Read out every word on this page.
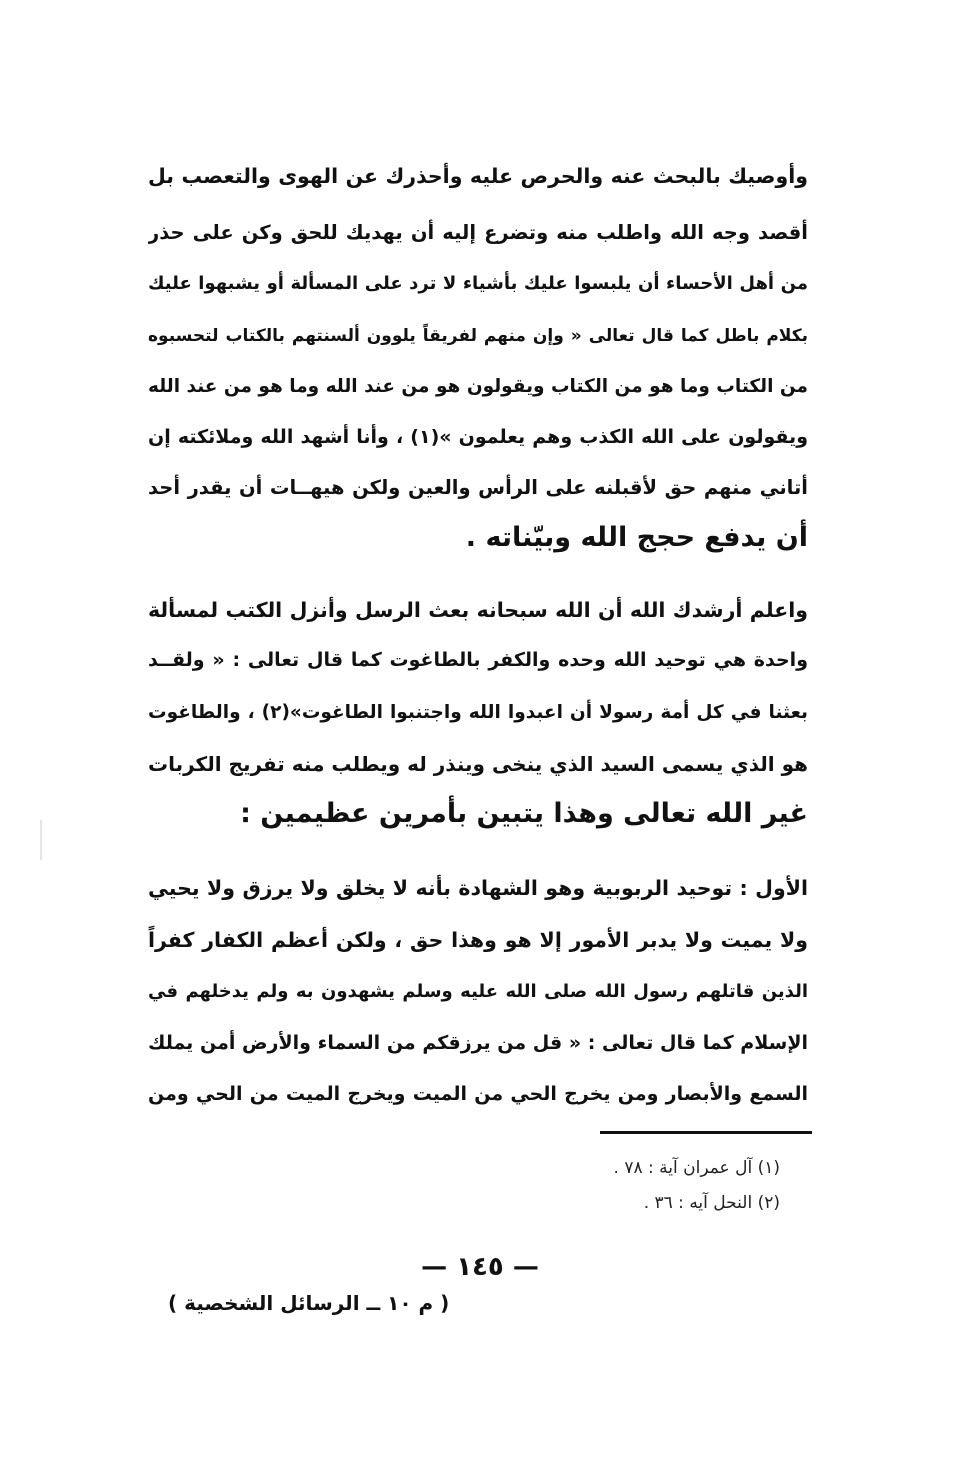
وأوصيك بالبحث عنه والحرص عليه وأحذرك عن الهوى والتعصب بل
أقصد وجه الله واطلب منه وتضرع إليه أن يهديك للحق وكن على حذر
من أهل الأحساء أن يلبسوا عليك بأشياء لا ترد على المسألة أو يشبهوا عليك
بكلام باطل كما قال تعالى « وإن منهم لفريقاً يلوون ألسنتهم بالكتاب لتحسبوه
من الكتاب وما هو من الكتاب ويقولون هو من عند الله وما هو من عند الله
ويقولون على الله الكذب وهم يعلمون »(١) ، وأنا أشهد الله وملائكته إن
أتاني منهم حق لأقبلنه على الرأس والعين ولكن هيهــات أن يقدر أحد
أن يدفع حجج الله وبيّناته .
واعلم أرشدك الله أن الله سبحانه بعث الرسل وأنزل الكتب لمسألة
واحدة هي توحيد الله وحده والكفر بالطاغوت كما قال تعالى : « ولقــد
بعثنا في كل أمة رسولا أن اعبدوا الله واجتنبوا الطاغوت»(٢) ، والطاغوت
هو الذي يسمى السيد الذي ينخى وينذر له ويطلب منه تفريج الكربات
غير الله تعالى وهذا يتبين بأمرين عظيمين :
الأول : توحيد الربوبية وهو الشهادة بأنه لا يخلق ولا يرزق ولا يحيي
ولا يميت ولا يدبر الأمور إلا هو وهذا حق ، ولكن أعظم الكفار كفراً
الذين قاتلهم رسول الله صلى الله عليه وسلم يشهدون به ولم يدخلهم في
الإسلام كما قال تعالى : « قل من يرزقكم من السماء والأرض أمن يملك
السمع والأبصار ومن يخرج الحي من الميت ويخرج الميت من الحي ومن
(١) آل عمران آية : ٧٨ .
(٢) النحل آيه : ٣٦ .
— ١٤٥ —
( م ١٠ ــ الرسائل الشخصية )
